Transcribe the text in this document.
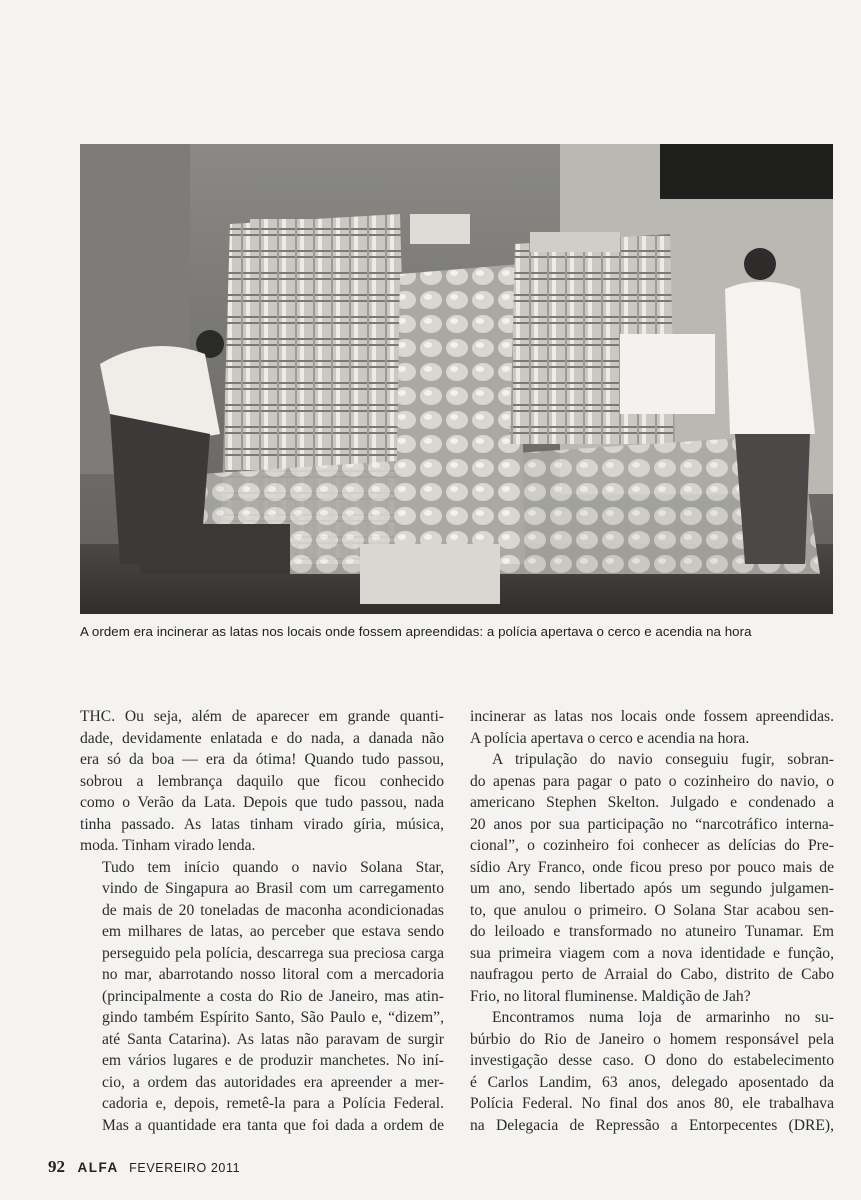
A ordem era incinerar as latas nos locais onde fossem apreendidas: a polícia apertava o cerco e acendia na hora

THC. Ou seja, além de aparecer em grande quanti-
dade, devidamente enlatada e do nada, a danada não
era só da boa — era da ótima! Quando tudo passou,
sobrou a lembrança daquilo que ficou conhecido
como o Verão da Lata. Depois que tudo passou, nada
tinha passado. As latas tinham virado gíria, música,
moda. Tinham virado lenda.

Tudo tem início quando o navio Solana Star,
vindo de Singapura ao Brasil com um carregamento
de mais de 20 toneladas de maconha acondicionadas
em milhares de latas, ao perceber que estava sendo
perseguido pela polícia, descarrega sua preciosa carga
no mar, abarrotando nosso litoral com a mercadoria
(principalmente a costa do Rio de Janeiro, mas atin-
gindo também Espírito Santo, São Paulo e, “dizem”,
até Santa Catarina). As latas não paravam de surgir
em vários lugares e de produzir manchetes. No iní-
cio, a ordem das autoridades era apreender a mer-
cadoria e, depois, remetê-la para a Polícia Federal.
Mas a quantidade era tanta que foi dada a ordem de

incinerar as latas nos locais onde fossem apreendidas.
A polícia apertava o cerco e acendia na hora.

A tripulação do navio conseguiu fugir, sobran-
do apenas para pagar o pato o cozinheiro do navio, o
americano Stephen Skelton. Julgado e condenado a
20 anos por sua participação no “narcotráfico interna-
cional”, o cozinheiro foi conhecer as delícias do Pre-
sídio Ary Franco, onde ficou preso por pouco mais de
um ano, sendo libertado após um segundo julgamen-
to, que anulou o primeiro. O Solana Star acabou sen-
do leiloado e transformado no atuneiro Tunamar. Em
sua primeira viagem com a nova identidade e função,
naufragou perto de Arraial do Cabo, distrito de Cabo
Frio, no litoral fluminense. Maldição de Jah?

Encontramos numa loja de armarinho no su-
búrbio do Rio de Janeiro o homem responsável pela
investigação desse caso. O dono do estabelecimento
é Carlos Landim, 63 anos, delegado aposentado da
Polícia Federal. No final dos anos 80, ele trabalhava
na Delegacia de Repressão a Entorpecentes (DRE),

92 ALFA FEVEREIRO 2011
